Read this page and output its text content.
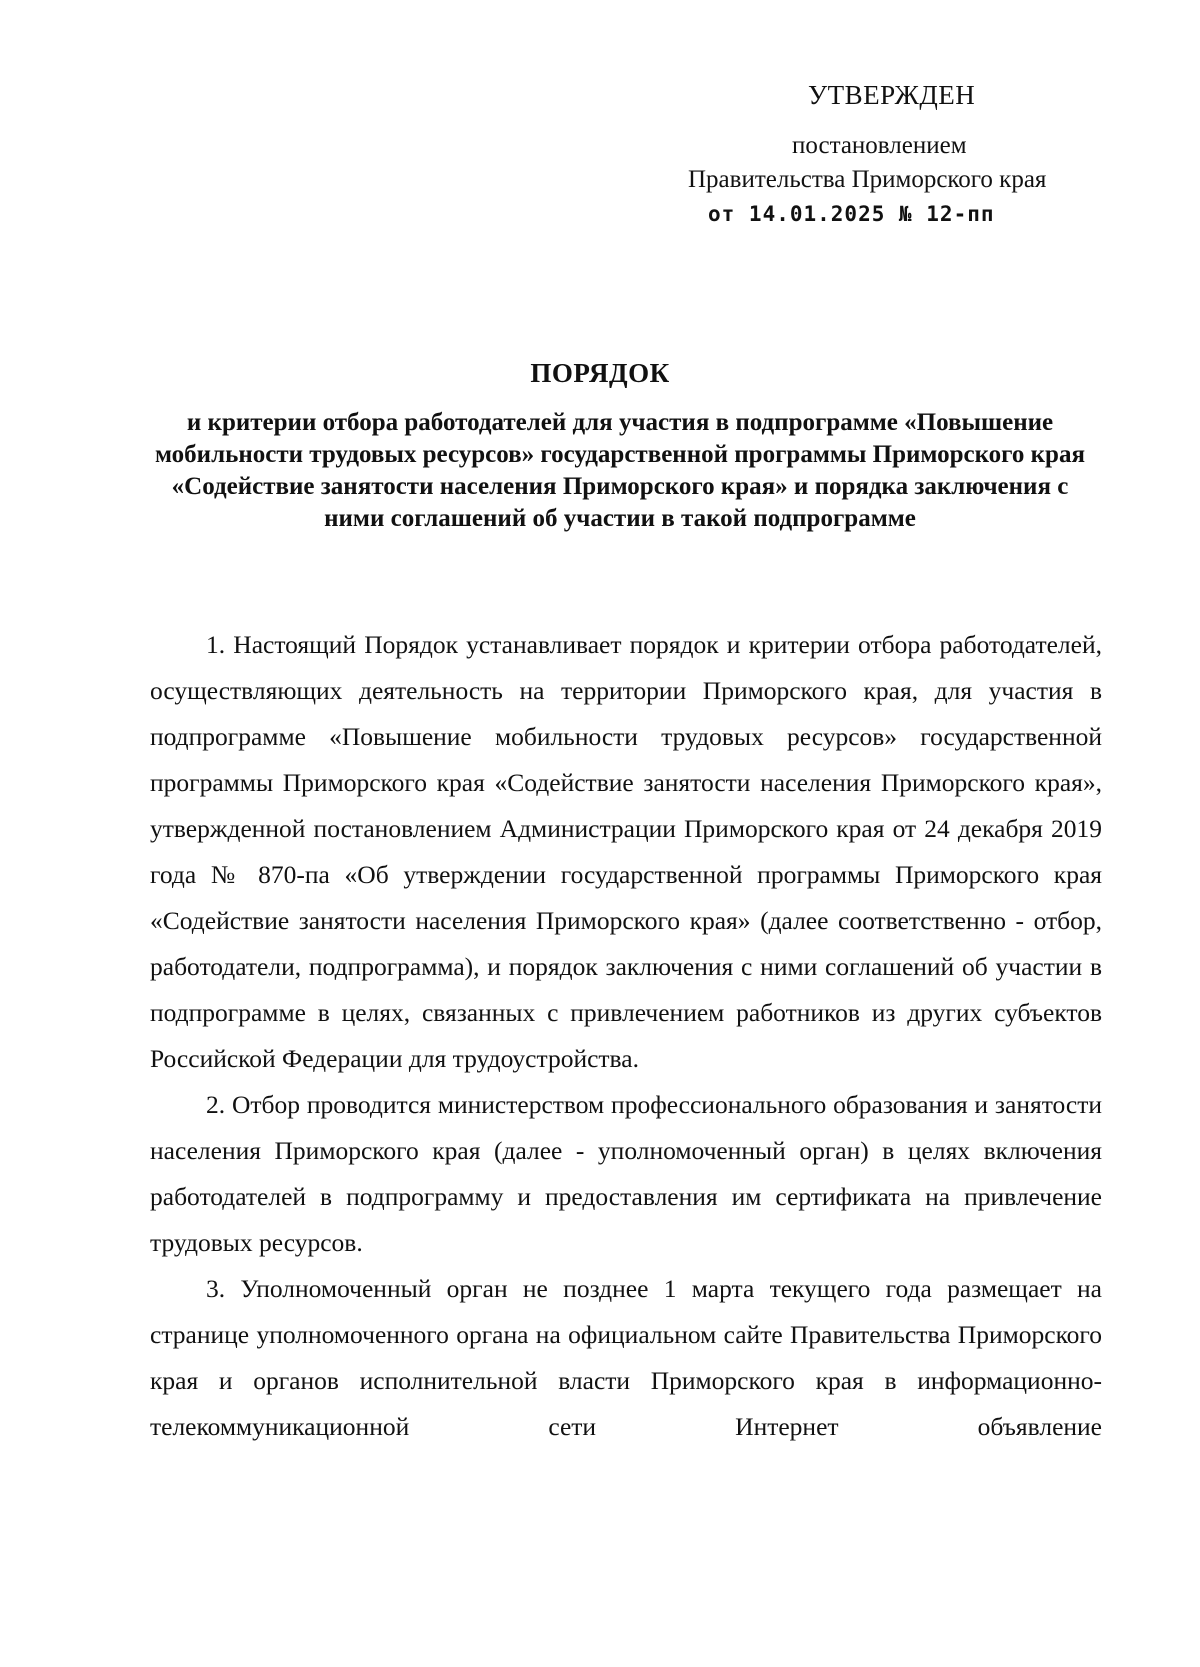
УТВЕРЖДЕН
постановлением
Правительства Приморского края
от 14.01.2025 № 12-пп
ПОРЯДОК
и критерии отбора работодателей для участия в подпрограмме «Повышение мобильности трудовых ресурсов» государственной программы Приморского края «Содействие занятости населения Приморского края» и порядка заключения с ними соглашений об участии в такой подпрограмме

1. Настоящий Порядок устанавливает порядок и критерии отбора работодателей, осуществляющих деятельность на территории Приморского края, для участия в подпрограмме «Повышение мобильности трудовых ресурсов» государственной программы Приморского края «Содействие занятости населения Приморского края», утвержденной постановлением Администрации Приморского края от 24 декабря 2019 года № 870-па «Об утверждении государственной программы Приморского края «Содействие занятости населения Приморского края» (далее соответственно - отбор, работодатели, подпрограмма), и порядок заключения с ними соглашений об участии в подпрограмме в целях, связанных с привлечением работников из других субъектов Российской Федерации для трудоустройства.

2. Отбор проводится министерством профессионального образования и занятости населения Приморского края (далее - уполномоченный орган) в целях включения работодателей в подпрограмму и предоставления им сертификата на привлечение трудовых ресурсов.

3. Уполномоченный орган не позднее 1 марта текущего года размещает на странице уполномоченного органа на официальном сайте Правительства Приморского края и органов исполнительной власти Приморского края в информационно-телекоммуникационной сети Интернет объявление
